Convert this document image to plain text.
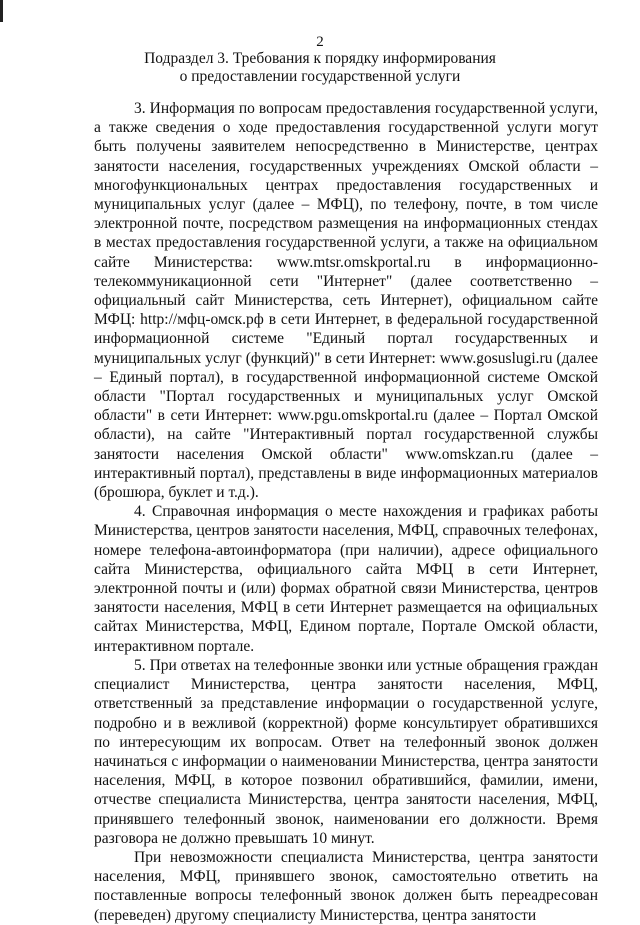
2
Подраздел 3. Требования к порядку информирования
о предоставлении государственной услуги

3. Информация по вопросам предоставления государственной услуги, а также сведения о ходе предоставления государственной услуги могут быть получены заявителем непосредственно в Министерстве, центрах занятости населения, государственных учреждениях Омской области – многофункциональных центрах предоставления государственных и муниципальных услуг (далее – МФЦ), по телефону, почте, в том числе электронной почте, посредством размещения на информационных стендах в местах предоставления государственной услуги, а также на официальном сайте Министерства: www.mtsr.omskportal.ru в информационно-телекоммуникационной сети "Интернет" (далее соответственно – официальный сайт Министерства, сеть Интернет), официальном сайте МФЦ: http://мфц-омск.рф в сети Интернет, в федеральной государственной информационной системе "Единый портал государственных и муниципальных услуг (функций)" в сети Интернет: www.gosuslugi.ru (далее – Единый портал), в государственной информационной системе Омской области "Портал государственных и муниципальных услуг Омской области" в сети Интернет: www.pgu.omskportal.ru (далее – Портал Омской области), на сайте "Интерактивный портал государственной службы занятости населения Омской области" www.omskzan.ru (далее – интерактивный портал), представлены в виде информационных материалов (брошюра, буклет и т.д.).

4. Справочная информация о месте нахождения и графиках работы Министерства, центров занятости населения, МФЦ, справочных телефонах, номере телефона-автоинформатора (при наличии), адресе официального сайта Министерства, официального сайта МФЦ в сети Интернет, электронной почты и (или) формах обратной связи Министерства, центров занятости населения, МФЦ в сети Интернет размещается на официальных сайтах Министерства, МФЦ, Едином портале, Портале Омской области, интерактивном портале.

5. При ответах на телефонные звонки или устные обращения граждан специалист Министерства, центра занятости населения, МФЦ, ответственный за представление информации о государственной услуге, подробно и в вежливой (корректной) форме консультирует обратившихся по интересующим их вопросам. Ответ на телефонный звонок должен начинаться с информации о наименовании Министерства, центра занятости населения, МФЦ, в которое позвонил обратившийся, фамилии, имени, отчестве специалиста Министерства, центра занятости населения, МФЦ, принявшего телефонный звонок, наименовании его должности. Время разговора не должно превышать 10 минут.

При невозможности специалиста Министерства, центра занятости населения, МФЦ, принявшего звонок, самостоятельно ответить на поставленные вопросы телефонный звонок должен быть переадресован (переведен) другому специалисту Министерства, центра занятости
